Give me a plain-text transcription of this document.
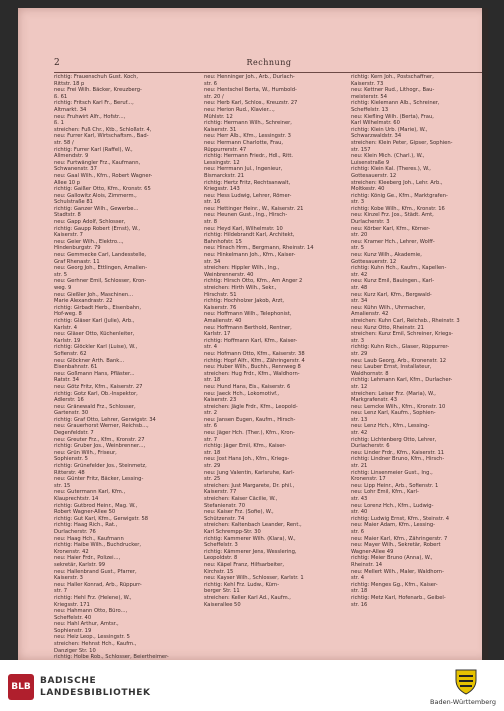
2	Rechnung
richtig: Frauenschuh Gust. Koch,
Rittstr. 18 p
neu: Frei Wilh. Bäcker, Kreuzberg-
ß. 61
richtig: Fritsch Karl Fr., Beruf...,
Altmarkt. 34
neu: Fruhwirt Alfr., Hofstr...,
ß. 1
streichen: Fuß Chr., Ktb., Schloßstr. 4,
neu: Furrer Karl, Wirtschaftsm., Bad-
str. 58 /
richtig: Furrer Karl (Raffel), W.,
Allmendstr. 9
neu: Furtwängler Frz., Kaufmann,
Schwanenstr. 37
neu: Gaal Wilh., Kfm., Robert Wagner-
Allee 10 p
richtig: Gaißer Otto, Kfm., Kronstr. 65
neu: Gallowitz Alois, Zimmerm.,
Schulstraße 81
richtig: Ganzer Wilh., Gewerbe...
Stadtstr. 8
neu: Gapp Adolf, Schlosser,
richtig: Gaupp Robert (Ernst), W.,
Kaiserstr. 7
neu: Geier Wilh., Elektro...,
Hindenburgstr. 79
neu: Gemmecke Carl, Landesstelle,
Graf Rhenastr. 11
neu: Georg Joh., Ettlingen, Amalien-
str. 5
neu: Gerhner Emil, Schlosser, Kron-
weg. 9
neu: Gießler Joh., Maschinen...
Marie Alexandrastr. 22
richtig: Girbadt Herb., Eisenbahn,
Hof-weg. 8
richtig: Gläser Karl (Julie), Arb.,
Karlstr. 4
neu: Gläser Otto, Küchenleiter,
Karlstr. 19
richtig: Glöckler Karl (Luise), W.,
Sofienstr. 62
neu: Glöckner Arth. Bank...
Eisenbahnstr. 61
neu: Goßmann Hans, Pfläster...
Ratstr. 34
neu: Götz Fritz, Kfm., Kaiserstr. 27
richtig: Gotz Karl, Ob.-Inspektor,
Adlerstr. 16
neu: Gränewald Frz., Schlosser,
Gartenstr. 30
richtig: Graf Otto, Lehrer, Gerwigstr. 34
neu: Grauerhorst Werner, Reichsb...,
Degenfeldstr. 7
neu: Greuter Frz., Kfm., Kronstr. 27
richtig: Gruber Jos., Weinbrenner...,
neu: Grün Wilh., Friseur,
Sophienstr. 5
richtig: Grünefelder Jos., Steinmetz,
Ritterstr. 48
neu: Günter Fritz, Bäcker, Lessing-
str. 15
neu: Gutermann Karl, Kfm.,
Klauprechtstr. 14
richtig: Gutbrod Heinr., Mag. W.,
Robert Wagner-Allee 50
richtig: Gut Karl, Kfm., Gerwigstr. 58
richtig: Haag Rich., Rat.,
Durlacherstr. 76
neu: Haag Hch., Kaufmann
richtig: Haibe Wilh., Buchdrucker,
Kronenstr. 42
neu: Haier Frdr., Polizei...,
sekretär, Karlstr. 99
neu: Hallenbrand Gust., Pfarrer,
Kaiserstr. 3
neu: Haller Konrad, Arb., Rüppurr-
str. 7
richtig: Hehl Frz. (Helene), W.,
Kriegsstr. 171
neu: Hahmann Otto, Büro...,
Scheffelstr. 40
neu: Hahl Arthur, Amtsr.,
Sophienstr. 19
neu: Heiz Leop., Lessingstr. 5
streichen: Hehnst Hch., Kaufm.,
Danziger Str. 10
richtig: Holbe Rob., Schlosser, Beiertheimer-
neu: Henninger Joh., Arb., Durlach-
str. 6
neu: Hentschel Berta, W., Humbold-
str. 20 /
neu: Herb Karl, Schlos., Kreuzstr. 27
neu: Herion Rud., Klavier...,
Mühlstr. 12
richtig: Hermann Wilh., Schreiner,
Kaiserstr. 31
neu: Herr Alb., Kfm., Lessingstr. 3
neu: Hermann Charlotte, Frau,
Rüppurrerstr. 47
richtig: Hermann Friedr., Hdl., Ritt.
Lessingstr. 12
neu: Herrmann Jul., Ingenieur,
Bismarckstr. 21
richtig: Hertz Fritz, Rechtsanwalt,
Kriegsstr. 143
neu: Hess Ludwig, Lehrer, Römer-
str. 16
neu: Hettinger Heinr., W., Kaiserstr. 21
neu: Heunen Gust., Ing., Hirsch-
str. 8
neu: Heyd Karl, Wilhelmstr. 10
richtig: Hildebrandt Karl, Architekt,
Bahnhofstr. 15
neu: Hinsch Hrm., Bergmann, Rheinstr. 14
neu: Hinkelmann Joh., Kfm., Kaiser-
str. 34
streichen: Hippler Wilh., Ing.,
Weinbrennerstr. 40
richtig: Hirsch Otto, Kfm., Am Anger 2
streichen: Hirth Wilh., Sekr.,
Hirschstr. 51
richtig: Hochholzer Jakob, Arzt,
Kaiserstr. 76
neu: Hoffmann Wilh., Telephonist,
Amalienstr. 40
neu: Hoffmann Berthold, Rentner,
Karlstr. 17
richtig: Hoffmann Karl, Kfm., Kaiser-
str. 4
neu: Hofmann Otto, Kfm., Kaiserstr. 38
richtig: Hopf Alfr., Kfm., Zähringerstr. 4
neu: Huber Wilh., Buchh., Rennweg 8
streichen: Hug Frdr., Kfm., Waldhorn-
str. 18
neu: Hund Hans, Eis., Kaiserstr. 6
neu: Jaeck Hch., Lokomotivf.,
Kaiserstr. 23
streichen: Jägle Frdr., Kfm., Leopold-
str. 2
neu: Jansen Eugen, Kaufm., Hirsch-
str. 6
neu: Jäger Hch. (Ther.), Kfm., Kron-
str. 7
richtig: Jäger Emil, Kfm., Kaiser-
str. 18
neu: Jost Hans Joh., Kfm., Kriegs-
str. 29
neu: Jung Valentin, Karlsruhe, Karl-
str. 25
streichen: Just Margarete, Dr. phil.,
Kaiserstr. 77
streichen: Kaiser Cäcilie, W.,
Stefanienstr. 70
neu: Kaiser Frz. (Sofie), W.,
Schützenstr. 74
streichen: Kaltenbach Leander, Rent.,
Karl Schrempp-Str. 30
richtig: Kammerer Wilh. (Klara), W.,
Scheffelstr. 3
richtig: Kämmerer Jens, Wesslering,
Leopoldstr. 8
neu: Käpel Franz, Hilfsarbeiter,
Kirchstr. 15
neu: Kayser Wilh., Schlosser, Karlstr. 1
richtig: Kehl Frz. Ludw., Kürn-
berger Str. 11
streichen: Keller Karl Ad., Kaufm.,
Kaiserallee 50
richtig: Kern Joh., Postschaffner,
Kaiserstr. 73
neu: Kettner Rud., Lithogr., Bau-
meisterstr. 54
richtig: Kielemann Alb., Schreiner,
Scheffelstr. 13
neu: Kiefling Wilh. (Berta), Frau,
Karl Wilhelmstr. 60
richtig: Klein Urb. (Marie), W.,
Schwarzwaldstr. 34
streichen: Klein Peter, Gipser, Sophien-
str. 157
neu: Klein Mich. (Charl.), W.,
Luisenstraße 9
richtig: Klein Kal. (Theres.), W.,
Gottesauerstr. 12
streichen: Kleeberg Joh., Lehr. Arb.,
Moltkestr. 40
richtig: König Ge., Kfm., Marktgrafen-
str. 3
richtig: Kobe Wilh., Kfm., Kronstr. 16
neu: Kinzel Frz. Jos., Städt. Amt,
Durlacherstr. 3
neu: Körber Karl, Kfm., Körner-
str. 20
neu: Kramer Hch., Lehrer, Wolff-
str. 5
neu: Kunz Wilh., Akademie,
Gottesauerstr. 12
richtig: Kuhn Hch., Kaufm., Kapellen-
str. 42
neu: Kunz Emil, Bauingen., Karl-
str. 48
neu: Kurz Karl, Kfm., Bergwald-
str. 34
neu: Kühn Wilh., Uhrmacher,
Amalienstr. 42
streichen: Kuhn Carl, Reichsb., Rheinstr. 3
neu: Kunz Otto, Rheinstr. 21
streichen: Kunz Emil, Schreiner, Kriegs-
str. 3
richtig: Kuhn Rich., Glaser, Rüppurrer-
str. 29
neu: Laub Georg, Arb., Kronenstr. 12
neu: Lauber Ernst, Installateur,
Waldhornstr. 8
richtig: Lehmann Karl, Kfm., Durlacher-
str. 12
streichen: Leiser Frz. (Maria), W.,
Markgrafenstr. 43
neu: Lemcke Wilh., Kfm., Kronstr. 10
neu: Lenz Karl, Kaufm., Sophien-
str. 13
neu: Lenz Hch., Kfm., Lessing-
str. 42
richtig: Lichtenberg Otto, Lehrer,
Durlacherstr. 6
neu: Linder Frdr., Kfm., Kaiserstr. 11
richtig: Lindner Bruno, Kfm., Hirsch-
str. 21
richtig: Linsenmeier Gust., Ing.,
Kronenstr. 17
neu: Lipp Heinr., Arb., Sofienstr. 1
neu: Lohr Emil, Kfm., Karl-
str. 43
neu: Lorenz Hch., Kfm., Ludwig-
str. 40
richtig: Ludwig Ernst, Kfm., Steinstr. 4
neu: Maier Adam, Kfm., Lessing-
str. 6
neu: Maier Karl, Kfm., Zähringerstr. 7
neu: Mayer Wilh., Sekretär, Robert
Wagner-Allee 49
richtig: Meier Bruno (Anna), W.,
Rheinstr. 14
neu: Mellert Wilh., Maler, Waldhorn-
str. 4
richtig: Menges Gg., Kfm., Kaiser-
str. 18
richtig: Metz Karl, Hofenarb., Geibel-
str. 16
BLB
BADISCHE
LANDESBIBLIOTHEK
Baden-Württemberg
